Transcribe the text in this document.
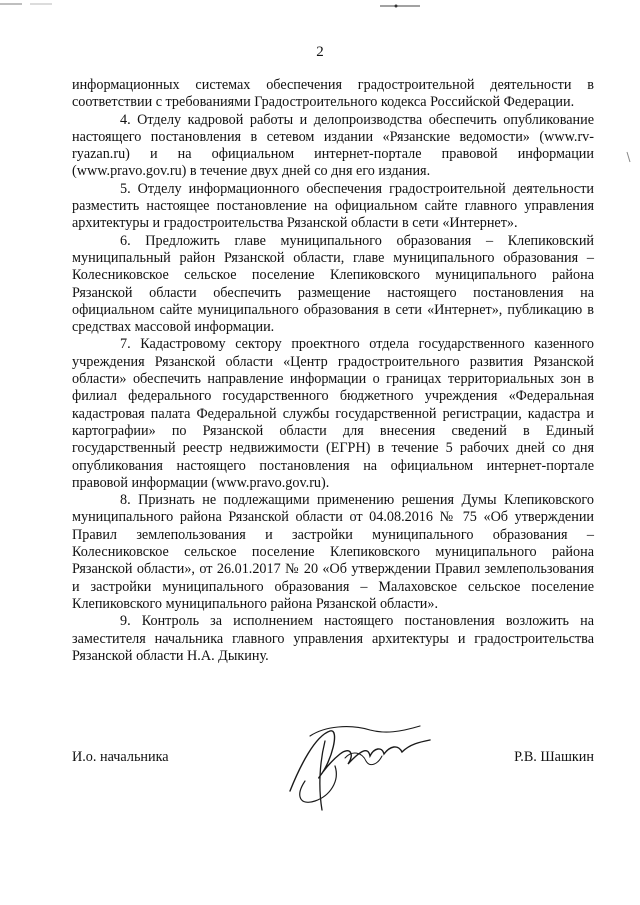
2

информационных системах обеспечения градостроительной деятельности в соответствии с требованиями Градостроительного кодекса Российской Федерации.

4. Отделу кадровой работы и делопроизводства обеспечить опубликование настоящего постановления в сетевом издании «Рязанские ведомости» (www.rv-ryazan.ru) и на официальном интернет-портале правовой информации (www.pravo.gov.ru) в течение двух дней со дня его издания.

5. Отделу информационного обеспечения градостроительной деятельности разместить настоящее постановление на официальном сайте главного управления архитектуры и градостроительства Рязанской области в сети «Интернет».

6. Предложить главе муниципального образования – Клепиковский муниципальный район Рязанской области, главе муниципального образования – Колесниковское сельское поселение Клепиковского муниципального района Рязанской области обеспечить размещение настоящего постановления на официальном сайте муниципального образования в сети «Интернет», публикацию в средствах массовой информации.

7. Кадастровому сектору проектного отдела государственного казенного учреждения Рязанской области «Центр градостроительного развития Рязанской области» обеспечить направление информации о границах территориальных зон в филиал федерального государственного бюджетного учреждения «Федеральная кадастровая палата Федеральной службы государственной регистрации, кадастра и картографии» по Рязанской области для внесения сведений в Единый государственный реестр недвижимости (ЕГРН) в течение 5 рабочих дней со дня опубликования настоящего постановления на официальном интернет-портале правовой информации (www.pravo.gov.ru).

8. Признать не подлежащими применению решения Думы Клепиковского муниципального района Рязанской области от 04.08.2016 № 75 «Об утверждении Правил землепользования и застройки муниципального образования – Колесниковское сельское поселение Клепиковского муниципального района Рязанской области», от 26.01.2017 № 20 «Об утверждении Правил землепользования и застройки муниципального образования – Малаховское сельское поселение Клепиковского муниципального района Рязанской области».

9. Контроль за исполнением настоящего постановления возложить на заместителя начальника главного управления архитектуры и градостроительства Рязанской области Н.А. Дыкину.

И.о. начальника	Р.В. Шашкин
